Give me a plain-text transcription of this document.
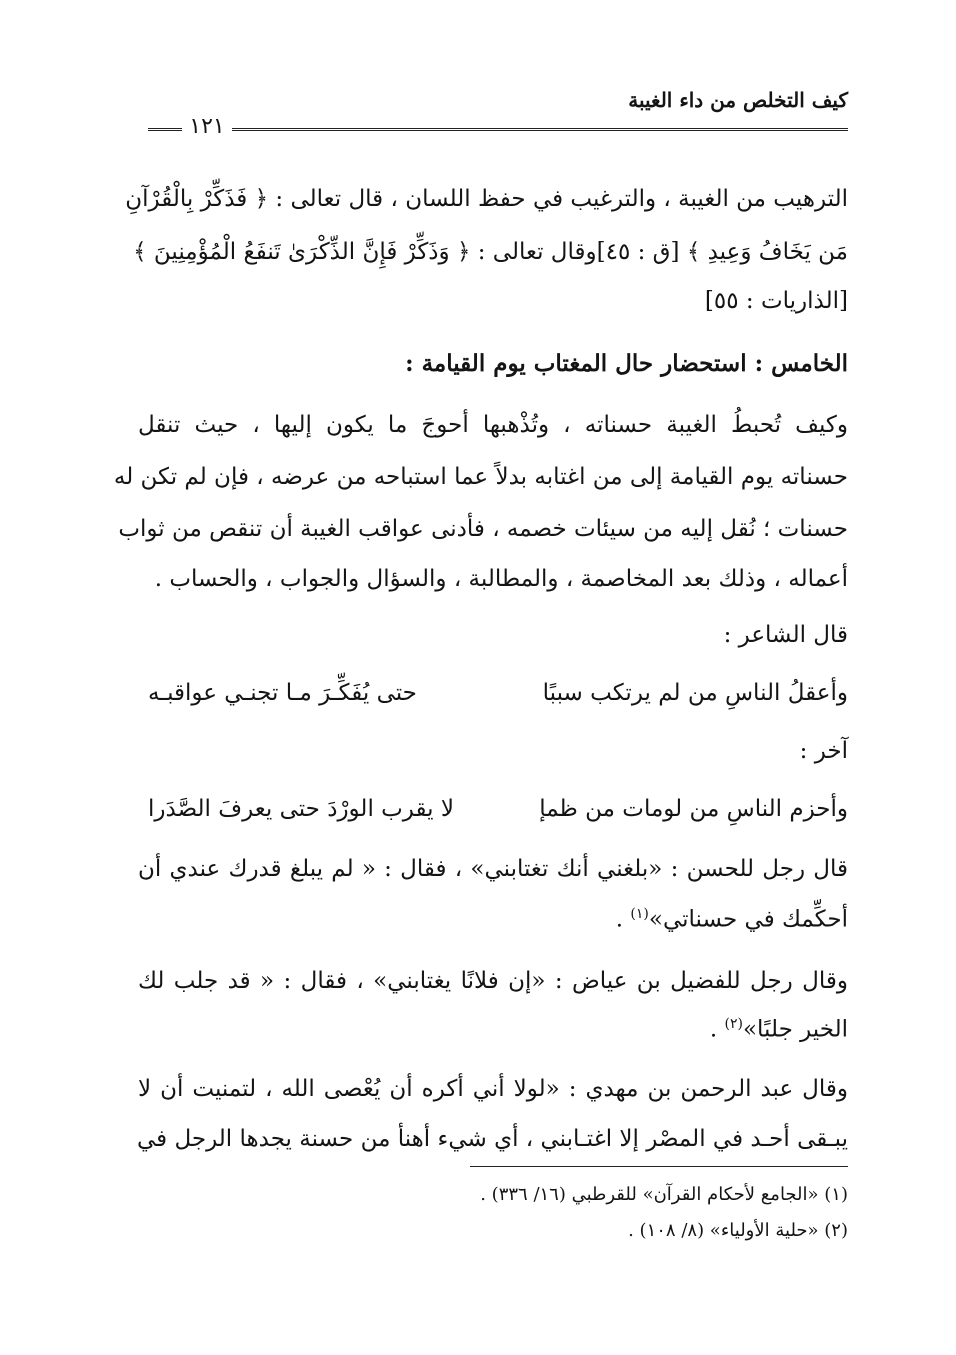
كيف التخلص من داء الغيبة
١٢١
الترهيب من الغيبة ، والترغيب في حفظ اللسان ، قال تعالى : ﴿ فَذَكِّرْ بِالْقُرْآنِ
مَن يَخَافُ وَعِيدِ ﴾ [ق : ٤٥]وقال تعالى : ﴿ وَذَكِّرْ فَإِنَّ الذِّكْرَىٰ تَنفَعُ الْمُؤْمِنِينَ ﴾
[الذاريات : ٥٥]
الخامس : استحضار حال المغتاب يوم القيامة :
وكيف تُحبطُ الغيبة حسناته ، وتُذْهبها أحوجَ ما يكون إليها ، حيث تنقل
حسناته يوم القيامة إلى من اغتابه بدلاً عما استباحه من عرضه ، فإن لم تكن له
حسنات ؛ نُقل إليه من سيئات خصمه ، فأدنى عواقب الغيبة أن تنقص من ثواب
أعماله ، وذلك بعد المخاصمة ، والمطالبة ، والسؤال والجواب ، والحساب .
قال الشاعر :
وأعقلُ الناسِ من لم يرتكب سببًا
حتى يُفَكِّـرَ مـا تجنـي عواقبـه
آخر :
وأحزم الناسِ من لومات من ظمإ
لا يقرب الورْدَ حتى يعرفَ الصَّدَرا
قال رجل للحسن : «بلغني أنك تغتابني» ، فقال : « لم يبلغ قدرك عندي أن
أحكِّمك في حسناتي»$^{(١)}$ .
وقال رجل للفضيل بن عياض : «إن فلانًا يغتابني» ، فقال : « قد جلب لك
الخير جلبًا»$^{(٢)}$ .
وقال عبد الرحمن بن مهدي : «لولا أني أكره أن يُعْصى الله ، لتمنيت أن لا
يبـقى أحـد في المصْر إلا اغتـابني ، أي شيء أهنأ من حسنة يجدها الرجل في
(١) «الجامع لأحكام القرآن» للقرطبي (١٦/ ٣٣٦) .
(٢) «حلية الأولياء» (٨/ ١٠٨) .
